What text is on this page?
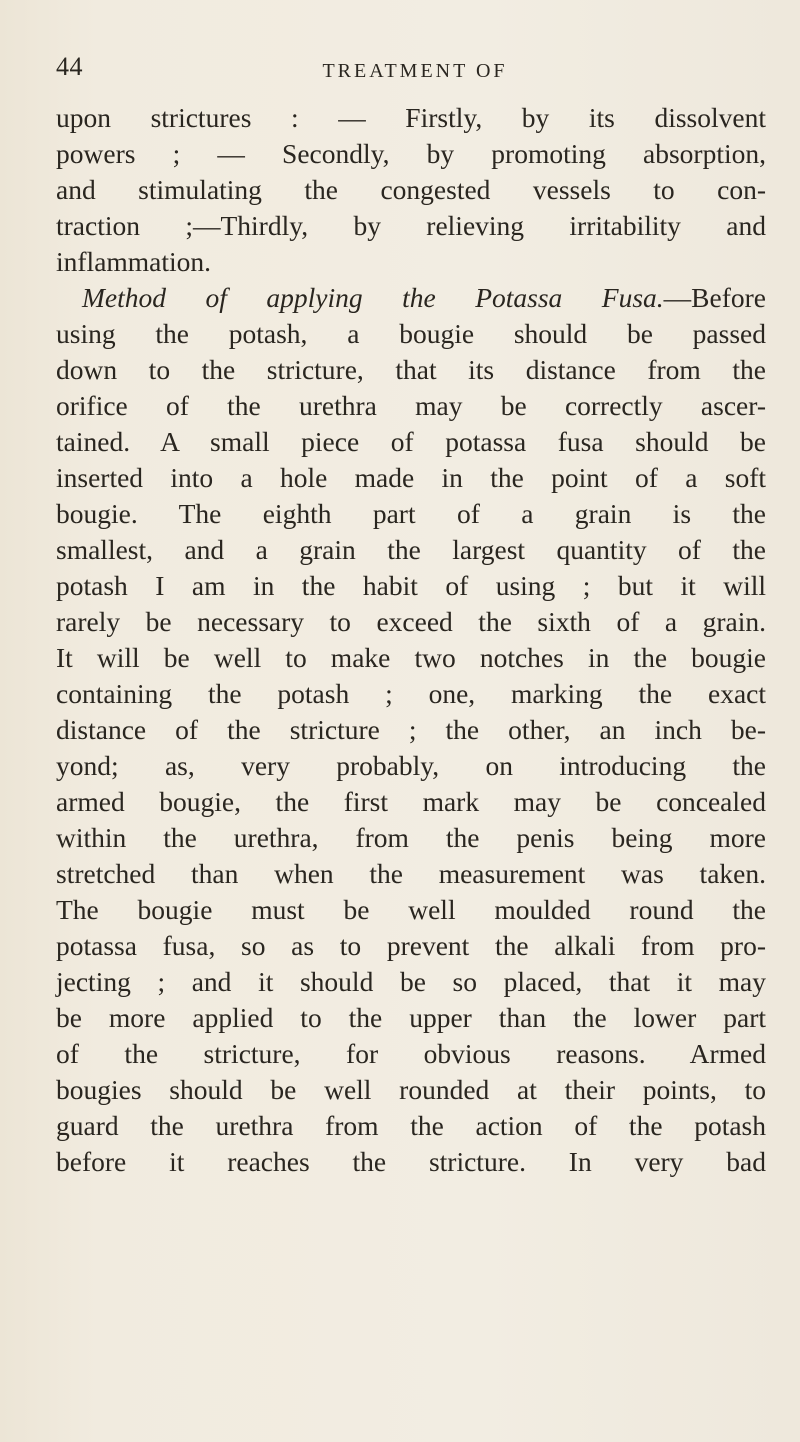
44	TREATMENT OF
upon strictures : — Firstly, by its dissolvent
powers ; — Secondly, by promoting absorption,
and stimulating the congested vessels to con-
traction ;—Thirdly, by relieving irritability and
inflammation.
Method of applying the Potassa Fusa.—Before
using the potash, a bougie should be passed
down to the stricture, that its distance from the
orifice of the urethra may be correctly ascer-
tained. A small piece of potassa fusa should be
inserted into a hole made in the point of a soft
bougie. The eighth part of a grain is the
smallest, and a grain the largest quantity of the
potash I am in the habit of using ; but it will
rarely be necessary to exceed the sixth of a grain.
It will be well to make two notches in the bougie
containing the potash ; one, marking the exact
distance of the stricture ; the other, an inch be-
yond; as, very probably, on introducing the
armed bougie, the first mark may be concealed
within the urethra, from the penis being more
stretched than when the measurement was taken.
The bougie must be well moulded round the
potassa fusa, so as to prevent the alkali from pro-
jecting ; and it should be so placed, that it may
be more applied to the upper than the lower part
of the stricture, for obvious reasons. Armed
bougies should be well rounded at their points, to
guard the urethra from the action of the potash
before it reaches the stricture. In very bad
